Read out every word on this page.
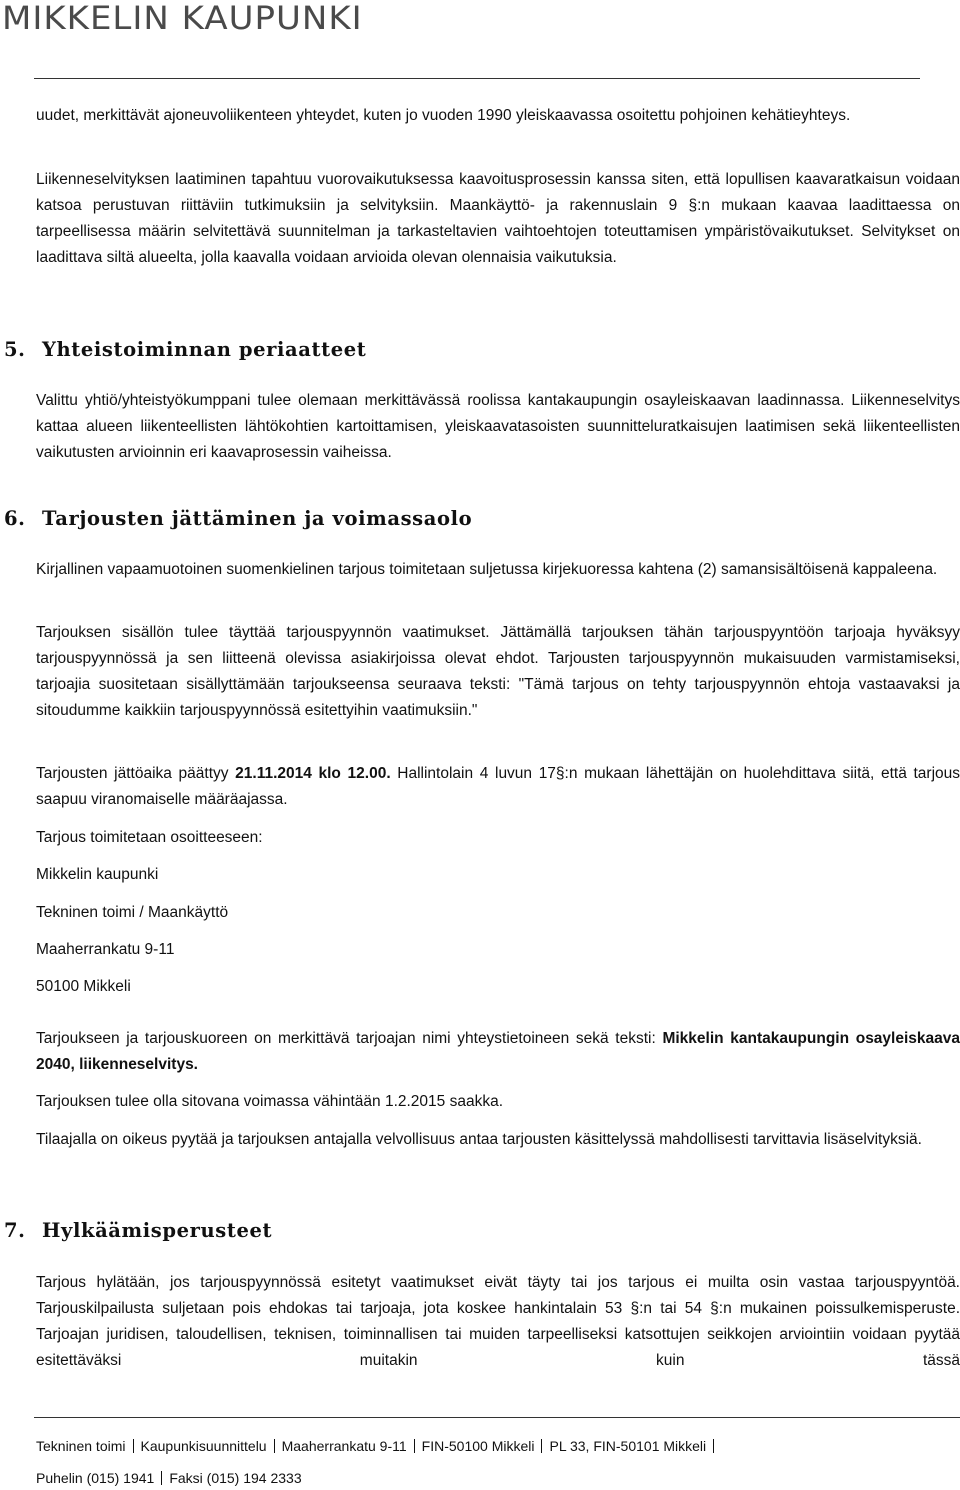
MIKKELIN KAUPUNKI

uudet, merkittävät ajoneuvoliikenteen yhteydet, kuten jo vuoden 1990 yleiskaavassa osoitettu pohjoinen kehätieyhteys.

Liikenneselvityksen laatiminen tapahtuu vuorovaikutuksessa kaavoitusprosessin kanssa siten, että lopullisen kaavaratkaisun voidaan katsoa perustuvan riittäviin tutkimuksiin ja selvityksiin. Maankäyttö- ja rakennuslain 9 §:n mukaan kaavaa laadittaessa on tarpeellisessa määrin selvitettävä suunnitelman ja tarkasteltavien vaihtoehtojen toteuttamisen ympäristövaikutukset. Selvitykset on laadittava siltä alueelta, jolla kaavalla voidaan arvioida olevan olennaisia vaikutuksia.

5. Yhteistoiminnan periaatteet

Valittu yhtiö/yhteistyökumppani tulee olemaan merkittävässä roolissa kantakaupungin osayleiskaavan laadinnassa. Liikenneselvitys kattaa alueen liikenteellisten lähtökohtien kartoittamisen, yleiskaavatasoisten suunnitteluratkaisujen laatimisen sekä liikenteellisten vaikutusten arvioinnin eri kaavaprosessin vaiheissa.

6. Tarjousten jättäminen ja voimassaolo

Kirjallinen vapaamuotoinen suomenkielinen tarjous toimitetaan suljetussa kirjekuoressa kahtena (2) samansisältöisenä kappaleena.

Tarjouksen sisällön tulee täyttää tarjouspyynnön vaatimukset. Jättämällä tarjouksen tähän tarjouspyyntöön tarjoaja hyväksyy tarjouspyynnössä ja sen liitteenä olevissa asiakirjoissa olevat ehdot. Tarjousten tarjouspyynnön mukaisuuden varmistamiseksi, tarjoajia suositetaan sisällyttämään tarjoukseensa seuraava teksti: "Tämä tarjous on tehty tarjouspyynnön ehtoja vastaavaksi ja sitoudumme kaikkiin tarjouspyynnössä esitettyihin vaatimuksiin."

Tarjousten jättöaika päättyy 21.11.2014 klo 12.00. Hallintolain 4 luvun 17§:n mukaan lähettäjän on huolehdittava siitä, että tarjous saapuu viranomaiselle määräajassa.

Tarjous toimitetaan osoitteeseen:

Mikkelin kaupunki

Tekninen toimi / Maankäyttö

Maaherrankatu 9-11

50100 Mikkeli

Tarjoukseen ja tarjouskuoreen on merkittävä tarjoajan nimi yhteystietoineen sekä teksti: Mikkelin kantakaupungin osayleiskaava 2040, liikenneselvitys.

Tarjouksen tulee olla sitovana voimassa vähintään 1.2.2015 saakka.

Tilaajalla on oikeus pyytää ja tarjouksen antajalla velvollisuus antaa tarjousten käsittelyssä mahdollisesti tarvittavia lisäselvityksiä.

7. Hylkäämisperusteet

Tarjous hylätään, jos tarjouspyynnössä esitetyt vaatimukset eivät täyty tai jos tarjous ei muilta osin vastaa tarjouspyyntöä. Tarjouskilpailusta suljetaan pois ehdokas tai tarjoaja, jota koskee hankintalain 53 §:n tai 54 §:n mukainen poissulkemisperuste. Tarjoajan juridisen, taloudellisen, teknisen, toiminnallisen tai muiden tarpeelliseksi katsottujen seikkojen arviointiin voidaan pyytää esitettäväksi muitakin kuin tässä

Tekninen toimi Kaupunkisuunnittelu Maaherrankatu 9-11 FIN-50100 Mikkeli PL 33, FIN-50101 Mikkeli
Puhelin (015) 1941 Faksi (015) 194 2333
